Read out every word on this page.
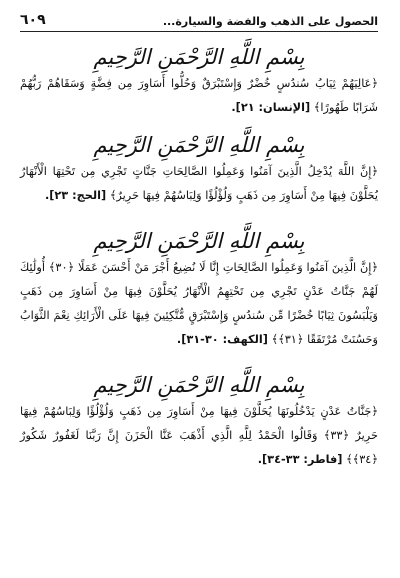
٦٠٩	الحصول على الذهب والفضة والسيارة...

بِسْمِ اللَّهِ الرَّحْمَنِ الرَّحِيمِ

﴿عَالِيَهُمْ ثِيَابُ سُندُسٍ خُضْرٌ وَإِسْتَبْرَقٌ وَحُلُّوا أَسَاوِرَ مِن فِضَّةٍ وَسَقَاهُمْ رَبُّهُمْ شَرَابًا طَهُورًا﴾ [الإنسان: ٢١].

بِسْمِ اللَّهِ الرَّحْمَنِ الرَّحِيمِ

﴿إِنَّ اللَّهَ يُدْخِلُ الَّذِينَ آمَنُوا وَعَمِلُوا الصَّالِحَاتِ جَنَّاتٍ تَجْرِي مِن تَحْتِهَا الْأَنْهَارُ يُحَلَّوْنَ فِيهَا مِنْ أَسَاوِرَ مِن ذَهَبٍ وَلُؤْلُؤًا وَلِبَاسُهُمْ فِيهَا حَرِيرٌ﴾ [الحج: ٢٣].

بِسْمِ اللَّهِ الرَّحْمَنِ الرَّحِيمِ

﴿إِنَّ الَّذِينَ آمَنُوا وَعَمِلُوا الصَّالِحَاتِ إِنَّا لَا نُضِيعُ أَجْرَ مَنْ أَحْسَنَ عَمَلًا ﴿٣٠﴾ أُولَٰئِكَ لَهُمْ جَنَّاتُ عَدْنٍ تَجْرِي مِن تَحْتِهِمُ الْأَنْهَارُ يُحَلَّوْنَ فِيهَا مِنْ أَسَاوِرَ مِن ذَهَبٍ وَيَلْبَسُونَ ثِيَابًا خُضْرًا مِّن سُندُسٍ وَإِسْتَبْرَقٍ مُّتَّكِئِينَ فِيهَا عَلَى الْأَرَائِكِ نِعْمَ الثَّوَابُ وَحَسُنَتْ مُرْتَفَقًا ﴿٣١﴾﴾ [الكهف: ٣٠-٣١].

بِسْمِ اللَّهِ الرَّحْمَنِ الرَّحِيمِ

﴿جَنَّاتُ عَدْنٍ يَدْخُلُونَهَا يُحَلَّوْنَ فِيهَا مِنْ أَسَاوِرَ مِن ذَهَبٍ وَلُؤْلُؤًا وَلِبَاسُهُمْ فِيهَا حَرِيرٌ ﴿٣٣﴾ وَقَالُوا الْحَمْدُ لِلَّهِ الَّذِي أَذْهَبَ عَنَّا الْحَزَنَ إِنَّ رَبَّنَا لَغَفُورٌ شَكُورٌ ﴿٣٤﴾﴾ [فاطر: ٣٣-٣٤].
